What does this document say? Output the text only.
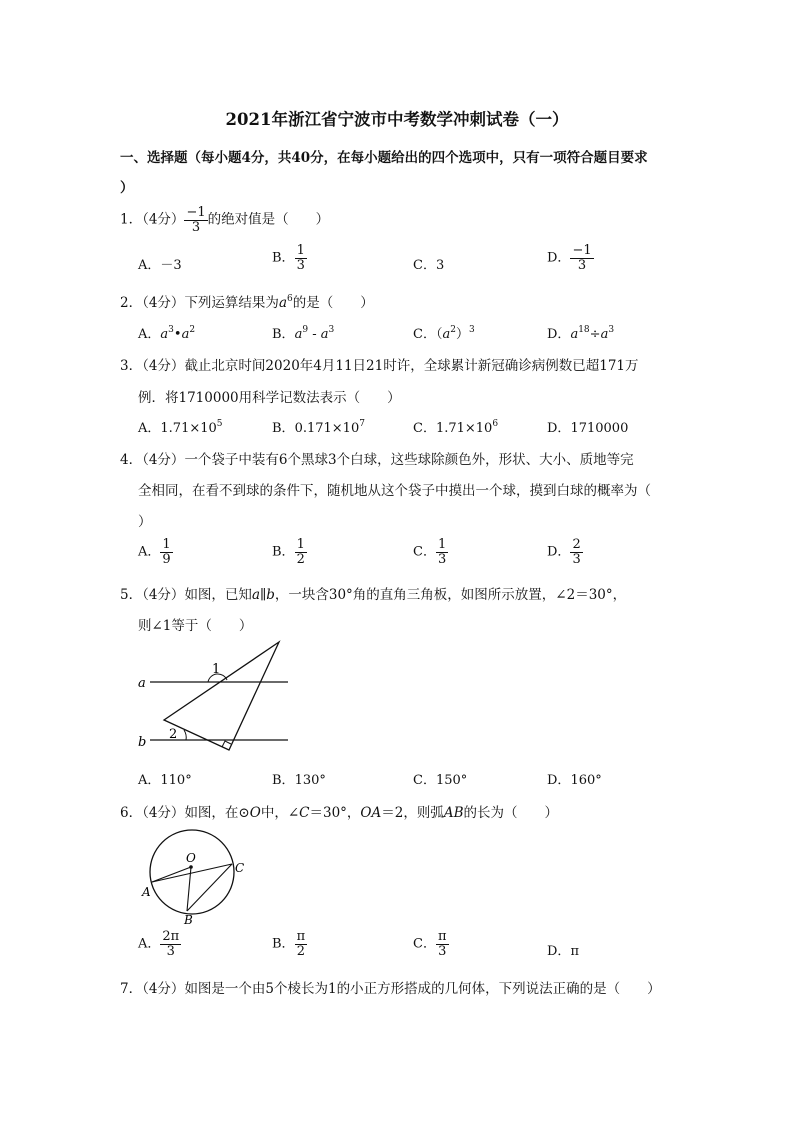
2021年浙江省宁波市中考数学冲刺试卷（一）
一、选择题（每小题4分，共40分，在每小题给出的四个选项中，只有一项符合题目要求
）
1．（4分） $\frac{-1}{3}$ 的绝对值是（　　）
A．－3	B． $\frac{1}{3}$	C．3	D． $\frac{-1}{3}$
2．（4分）下列运算结果为$a^6$的是（　　）
A．$a^3•a^2$	B．$a^9 - a^3$	C．$(a^2)^3$	D．$a^{18}\div a^3$
3．（4分）截止北京时间2020年4月11日21时许，全球累计新冠确诊病例数已超171万
例．将1710000用科学记数法表示（　　）
A．$1.71\times 10^5$	B．$0.171\times 10^7$	C．$1.71\times 10^6$	D．1710000
4．（4分）一个袋子中装有6个黑球3个白球，这些球除颜色外，形状、大小、质地等完
全相同，在看不到球的条件下，随机地从这个袋子中摸出一个球，摸到白球的概率为（
）
A． $\frac{1}{9}$	B． $\frac{1}{2}$	C． $\frac{1}{3}$	D． $\frac{2}{3}$
5．（4分）如图，已知a∥b，一块含30°角的直角三角板，如图所示放置，∠2＝30°，
则∠1等于（　　）
a
b
1
2
A．110°	B．130°	C．150°	D．160°
6．（4分）如图，在⊙O中，∠C＝30°，OA＝2，则弧AB的长为（　　）
O
A
B
C
A． $\frac{2\pi}{3}$	B． $\frac{\pi}{2}$	C． $\frac{\pi}{3}$	D．π
7．（4分）如图是一个由5个棱长为1的小正方形搭成的几何体，下列说法正确的是（　　）
